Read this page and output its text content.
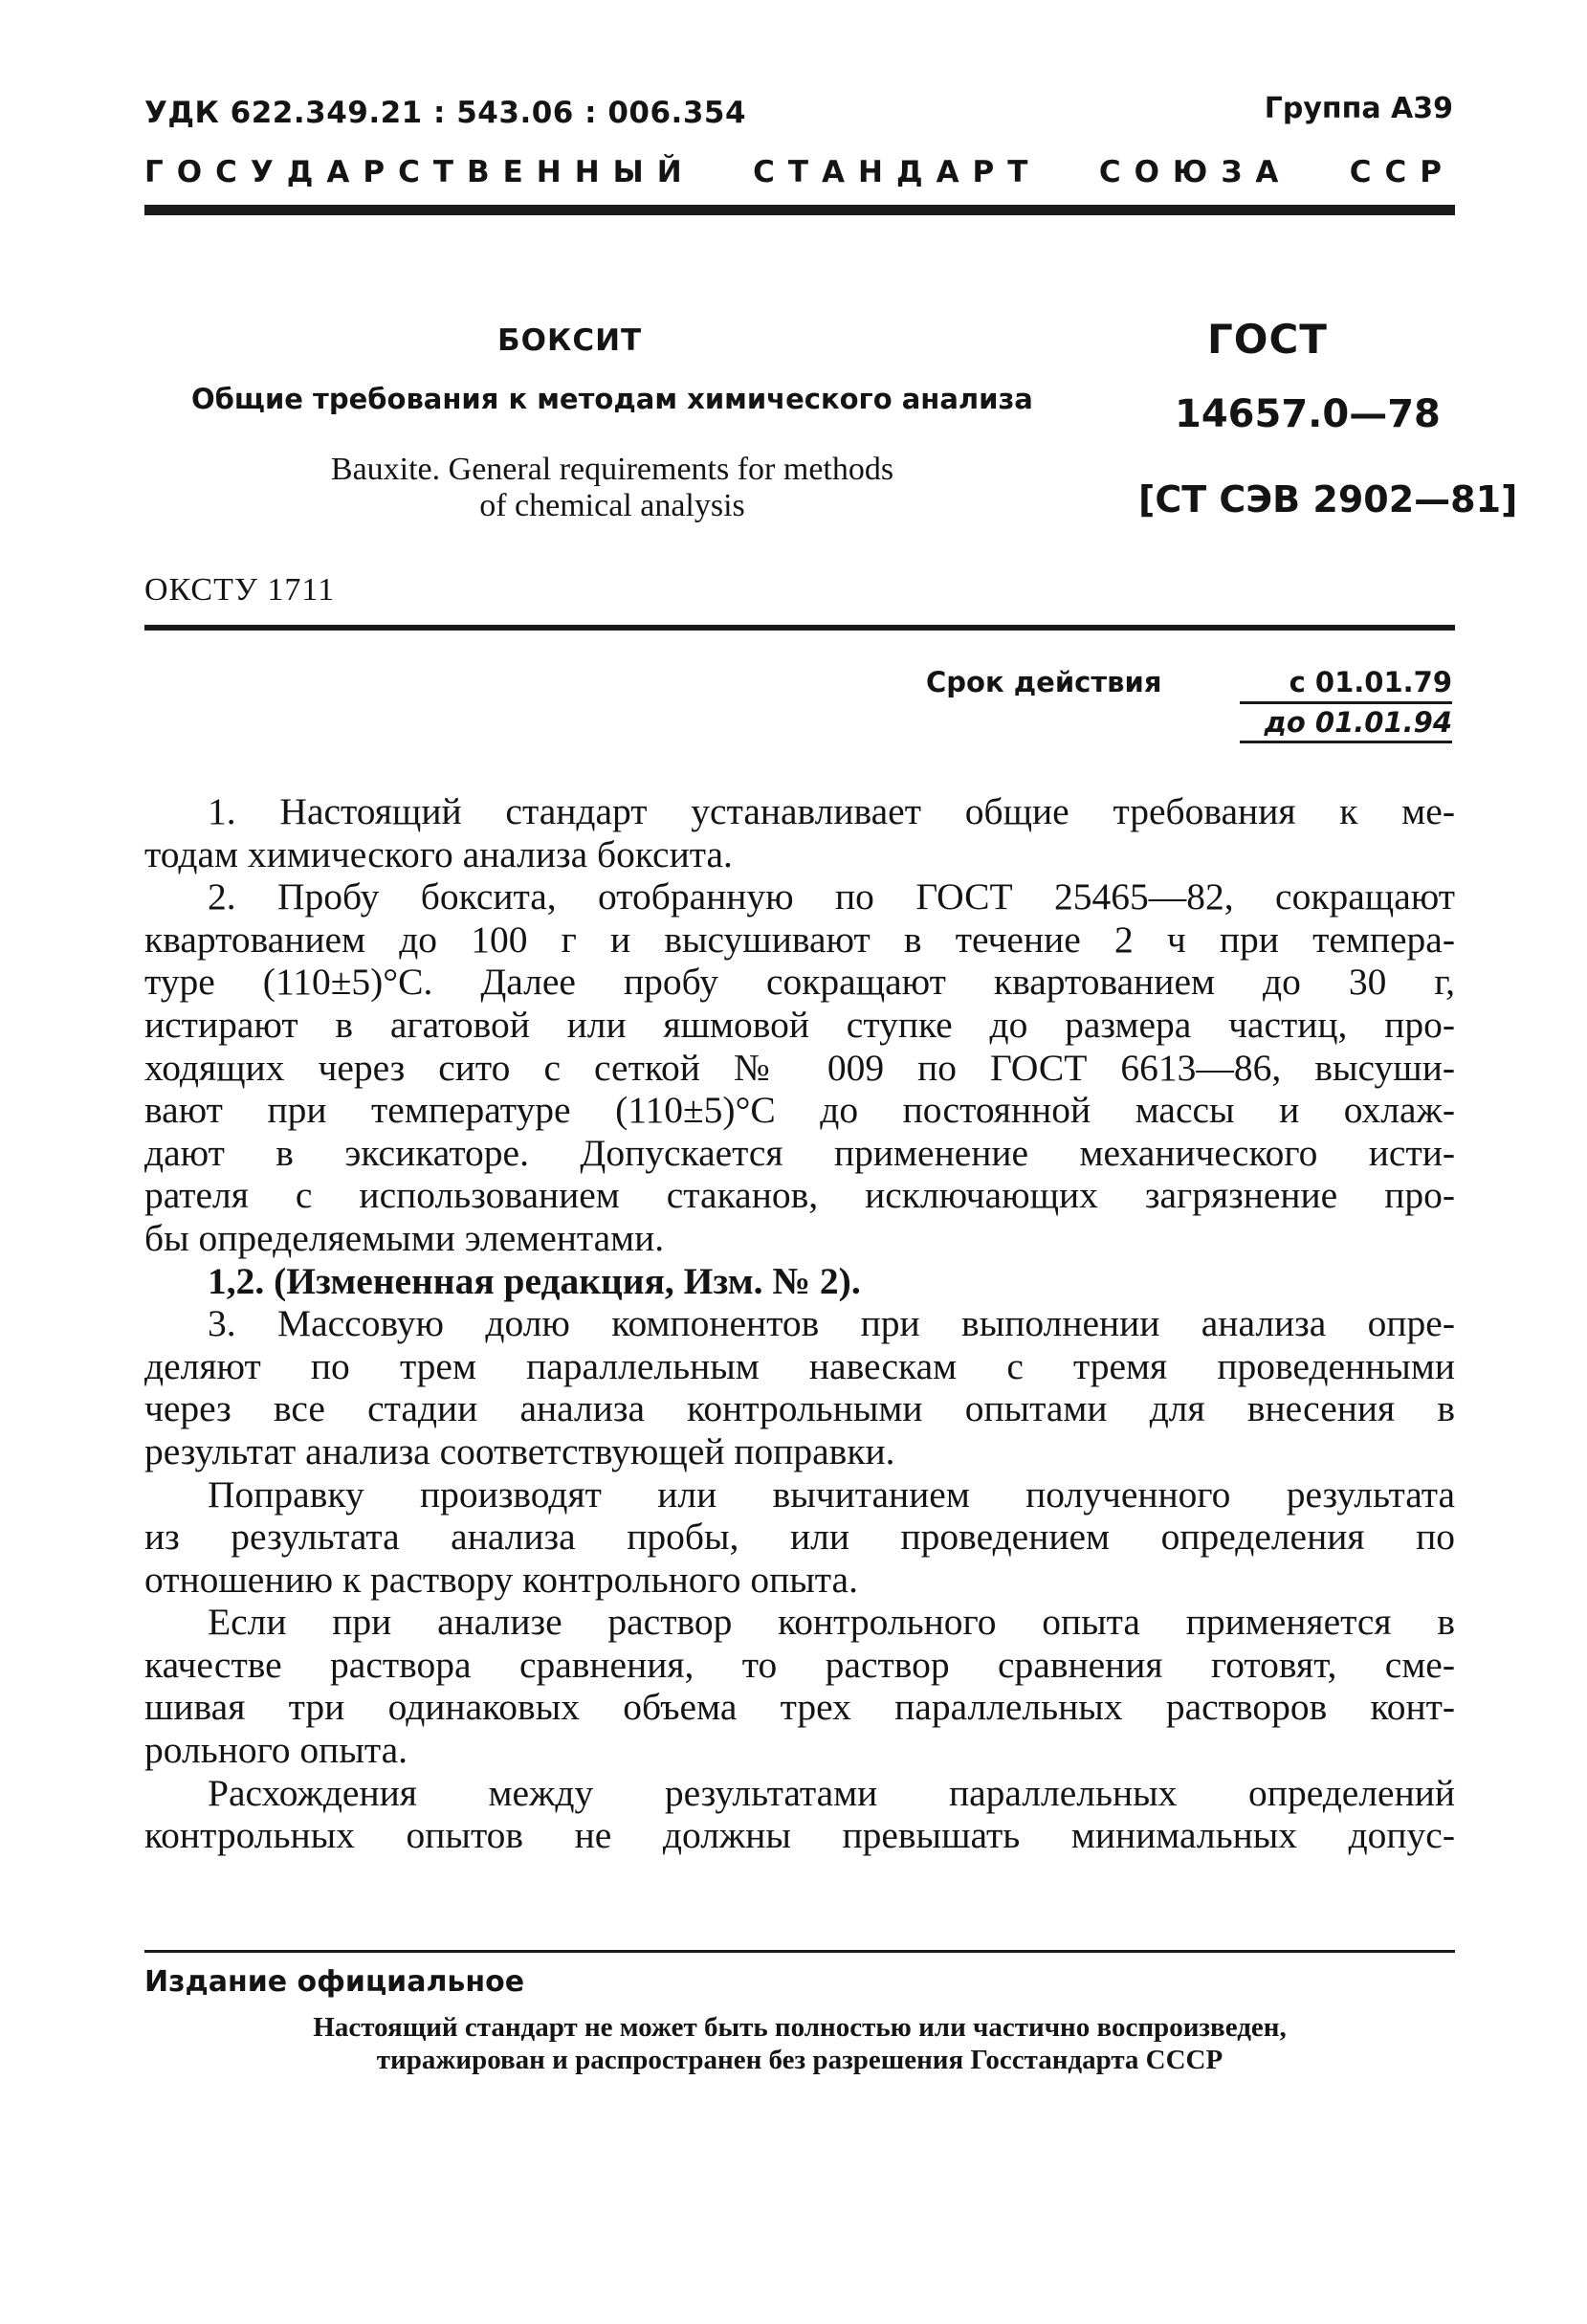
УДК 622.349.21 : 543.06 : 006.354	Группа А39
ГОСУДАРСТВЕННЫЙ СТАНДАРТ СОЮЗА ССР
БОКСИТ
Общие требования к методам химического анализа
Bauxite. General requirements for methods
of chemical analysis
ГОСТ
14657.0—78
[СТ СЭВ 2902—81]
ОКСТУ 1711
Срок действия	с 01.01.79
до 01.01.94
1. Настоящий стандарт устанавливает общие требования к ме-
тодам химического анализа боксита.
2. Пробу боксита, отобранную по ГОСТ 25465—82, сокращают
квартованием до 100 г и высушивают в течение 2 ч при темпера-
туре (110±5)°С. Далее пробу сокращают квартованием до 30 г,
истирают в агатовой или яшмовой ступке до размера частиц, про-
ходящих через сито с сеткой № 009 по ГОСТ 6613—86, высуши-
вают при температуре (110±5)°С до постоянной массы и охлаж-
дают в эксикаторе. Допускается применение механического исти-
рателя с использованием стаканов, исключающих загрязнение про-
бы определяемыми элементами.
1,2. (Измененная редакция, Изм. № 2).
3. Массовую долю компонентов при выполнении анализа опре-
деляют по трем параллельным навескам с тремя проведенными
через все стадии анализа контрольными опытами для внесения в
результат анализа соответствующей поправки.
Поправку производят или вычитанием полученного результата
из результата анализа пробы, или проведением определения по
отношению к раствору контрольного опыта.
Если при анализе раствор контрольного опыта применяется в
качестве раствора сравнения, то раствор сравнения готовят, сме-
шивая три одинаковых объема трех параллельных растворов конт-
рольного опыта.
Расхождения между результатами параллельных определений
контрольных опытов не должны превышать минимальных допус-
Издание официальное
Настоящий стандарт не может быть полностью или частично воспроизведен,
тиражирован и распространен без разрешения Госстандарта СССР
